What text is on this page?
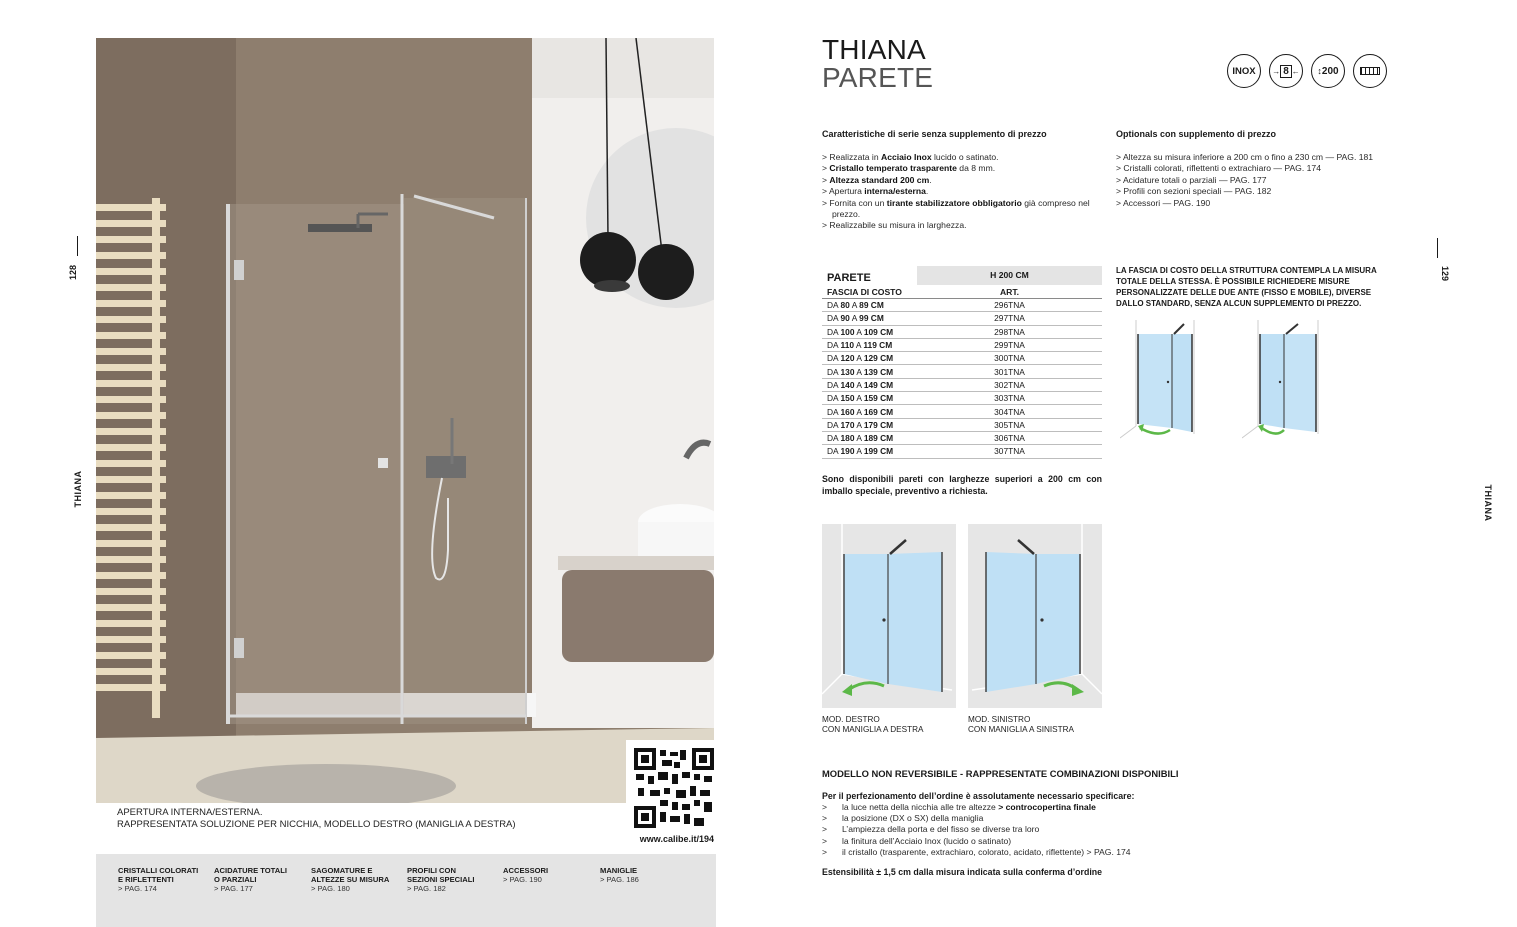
128
THIANA
www.calibe.it/194
APERTURA INTERNA/ESTERNA.
RAPPRESENTATA SOLUZIONE PER NICCHIA, MODELLO DESTRO (MANIGLIA A DESTRA)
CRISTALLI COLORATI
E RIFLETTENTI
> PAG. 174
ACIDATURE TOTALI
O PARZIALI
> PAG. 177
SAGOMATURE E
ALTEZZE SU MISURA
> PAG. 180
PROFILI CON
SEZIONI SPECIALI
> PAG. 182
ACCESSORI
> PAG. 190
MANIGLIE
> PAG. 186
THIANA
PARETE	INOX → 8 ← ↕ 200
Caratteristiche di serie senza supplemento di prezzo
> Realizzata in Acciaio Inox lucido o satinato.
> Cristallo temperato trasparente da 8 mm.
> Altezza standard 200 cm.
> Apertura interna/esterna.
> Fornita con un tirante stabilizzatore obbligatorio già compreso nel prezzo.
> Realizzabile su misura in larghezza.
Optionals con supplemento di prezzo
> Altezza su misura inferiore a 200 cm o fino a 230 cm — PAG. 181
> Cristalli colorati, riflettenti o extrachiaro — PAG. 174
> Acidature totali o parziali — PAG. 177
> Profili con sezioni speciali — PAG. 182
> Accessori — PAG. 190
129
THIANA
PARETE	H 200 CM
FASCIA DI COSTO	ART.
DA 80 A 89 CM	296TNA
DA 90 A 99 CM	297TNA
DA 100 A 109 CM	298TNA
DA 110 A 119 CM	299TNA
DA 120 A 129 CM	300TNA
DA 130 A 139 CM	301TNA
DA 140 A 149 CM	302TNA
DA 150 A 159 CM	303TNA
DA 160 A 169 CM	304TNA
DA 170 A 179 CM	305TNA
DA 180 A 189 CM	306TNA
DA 190 A 199 CM	307TNA
Sono disponibili pareti con larghezze superiori a 200 cm con imballo speciale, preventivo a richiesta.
LA FASCIA DI COSTO DELLA STRUTTURA CONTEMPLA LA MISURA TOTALE DELLA STESSA. È POSSIBILE RICHIEDERE MISURE PERSONALIZZATE DELLE DUE ANTE (FISSO E MOBILE), DIVERSE DALLO STANDARD, SENZA ALCUN SUPPLEMENTO DI PREZZO.
MOD. DESTRO
CON MANIGLIA A DESTRA
MOD. SINISTRO
CON MANIGLIA A SINISTRA
MODELLO NON REVERSIBILE - RAPPRESENTATE COMBINAZIONI DISPONIBILI
Per il perfezionamento dell’ordine è assolutamente necessario specificare:
>	la luce netta della nicchia alle tre altezze > controcopertina finale
>	la posizione (DX o SX) della maniglia
>	L’ampiezza della porta e del fisso se diverse tra loro
>	la finitura dell’Acciaio Inox (lucido o satinato)
>	il cristallo (trasparente, extrachiaro, colorato, acidato, riflettente) > PAG. 174
Estensibilità ± 1,5 cm dalla misura indicata sulla conferma d’ordine
